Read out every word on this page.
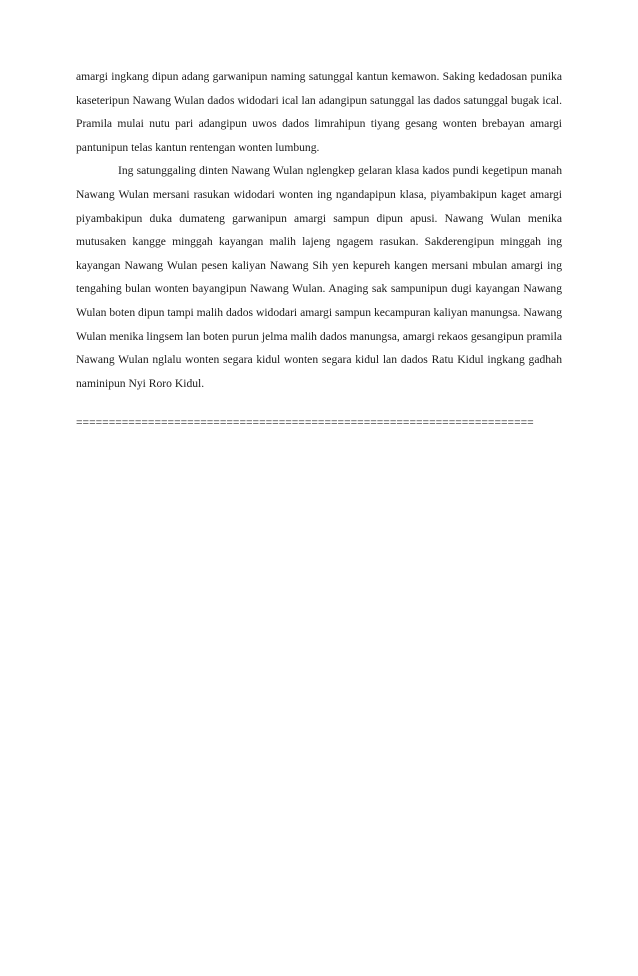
amargi ingkang dipun adang garwanipun naming satunggal kantun kemawon. Saking kedadosan punika kaseteripun Nawang Wulan dados widodari ical lan adangipun satunggal las dados satunggal bugak ical. Pramila mulai nutu pari adangipun uwos dados limrahipun tiyang gesang wonten brebayan amargi pantunipun telas kantun rentengan wonten lumbung.

Ing satunggaling dinten Nawang Wulan nglengkep gelaran klasa kados pundi kegetipun manah Nawang Wulan mersani rasukan widodari wonten ing ngandapipun klasa, piyambakipun kaget amargi piyambakipun duka dumateng garwanipun amargi sampun dipun apusi. Nawang Wulan menika mutusaken kangge minggah kayangan malih lajeng ngagem rasukan. Sakderengipun minggah ing kayangan Nawang Wulan pesen kaliyan Nawang Sih yen kepureh kangen mersani mbulan amargi ing tengahing bulan wonten bayangipun Nawang Wulan. Anaging sak sampunipun dugi kayangan Nawang Wulan boten dipun tampi malih dados widodari amargi sampun kecampuran kaliyan manungsa. Nawang Wulan menika lingsem lan boten purun jelma malih dados manungsa, amargi rekaos gesangipun pramila Nawang Wulan nglalu wonten segara kidul wonten segara kidul lan dados Ratu Kidul ingkang gadhah naminipun Nyi Roro Kidul.

======================================================================
